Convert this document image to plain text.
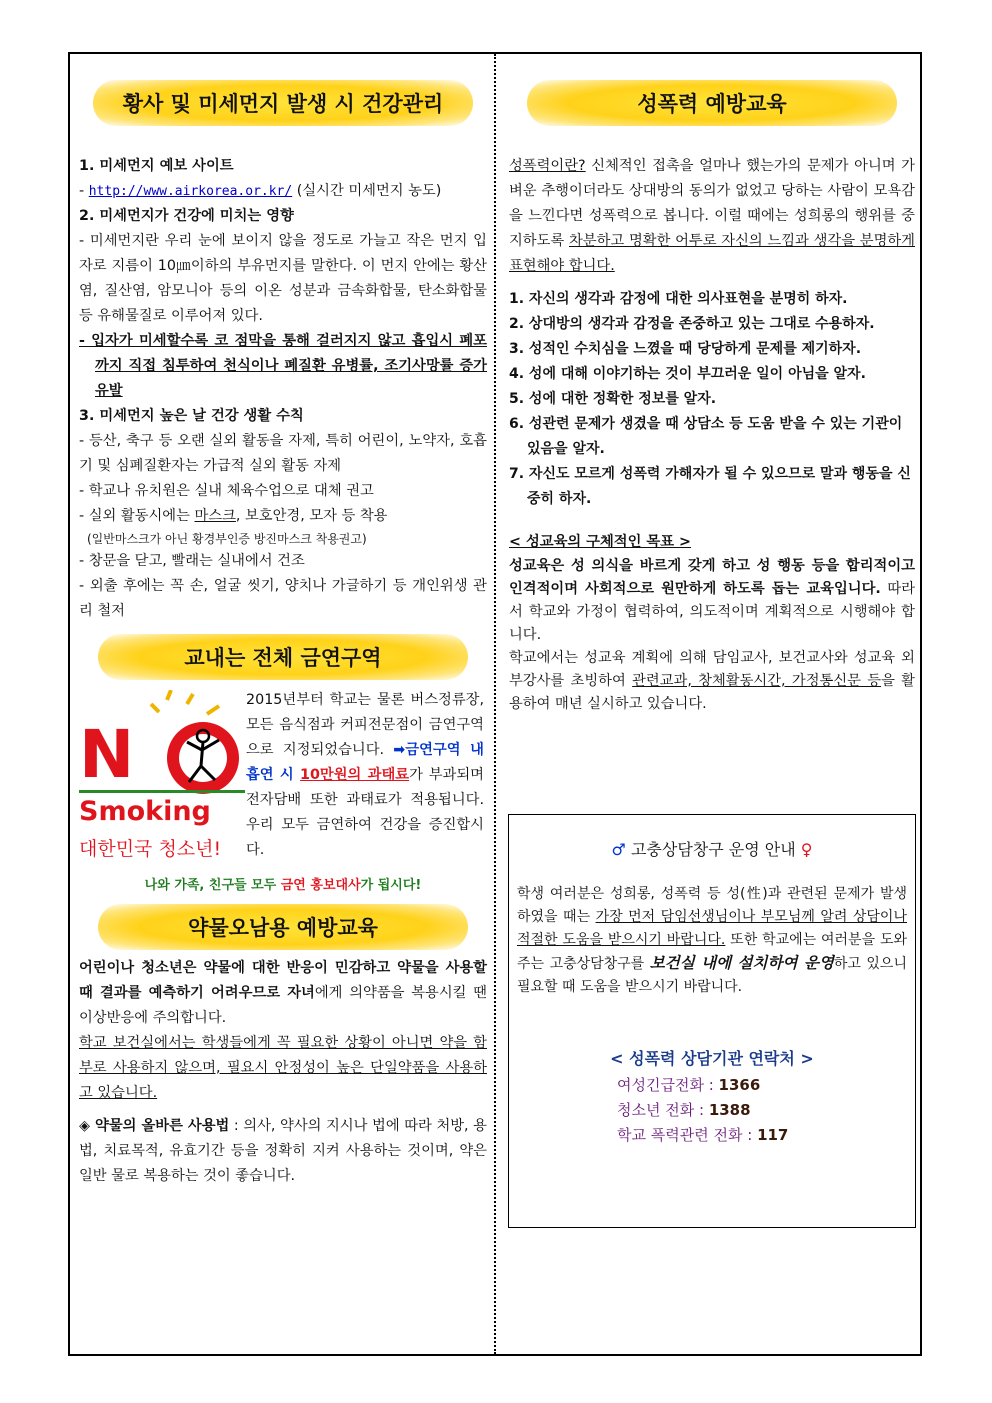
황사 및 미세먼지 발생 시 건강관리

1. 미세먼지 예보 사이트

- http://www.airkorea.or.kr/ (실시간 미세먼지 농도)

2. 미세먼지가 건강에 미치는 영향

- 미세먼지란 우리 눈에 보이지 않을 정도로 가늘고 작은 먼지 입자로 지름이 10㎛이하의 부유먼지를 말한다. 이 먼지 안에는 황산염, 질산염, 암모니아 등의 이온 성분과 금속화합물, 탄소화합물 등 유해물질로 이루어져 있다.

- 입자가 미세할수록 코 점막을 통해 걸러지지 않고 흡입시 폐포까지 직접 침투하여 천식이나 폐질환 유병률, 조기사망률 증가 유발

3. 미세먼지 높은 날 건강 생활 수칙

- 등산, 축구 등 오랜 실외 활동을 자제, 특히 어린이, 노약자, 호흡기 및 심폐질환자는 가급적 실외 활동 자제

- 학교나 유치원은 실내 체육수업으로 대체 권고

- 실외 활동시에는 마스크, 보호안경, 모자 등 착용

(일반마스크가 아닌 황경부인증 방진마스크 착용권고)

- 창문을 닫고, 빨래는 실내에서 건조

- 외출 후에는 꼭 손, 얼굴 씻기, 양치나 가글하기 등 개인위생 관리 철저

교내는 전체 금연구역
N
Smoking
대한민국 청소년!

2015년부터 학교는 물론 버스정류장, 모든 음식점과 커피전문점이 금연구역으로 지정되었습니다. ➡금연구역 내 흡연 시 10만원의 과태료가 부과되며 전자담배 또한 과태료가 적용됩니다. 우리 모두 금연하여 건강을 증진합시다.

나와 가족, 친구들 모두 금연 홍보대사가 됩시다!

약물오남용 예방교육

어린이나 청소년은 약물에 대한 반응이 민감하고 약물을 사용할 때 결과를 예측하기 어려우므로 자녀에게 의약품을 복용시킬 땐 이상반응에 주의합니다.

학교 보건실에서는 학생들에게 꼭 필요한 상황이 아니면 약을 함부로 사용하지 않으며, 필요시 안정성이 높은 단일약품을 사용하고 있습니다.

◈ 약물의 올바른 사용법 : 의사, 약사의 지시나 법에 따라 처방, 용법, 치료목적, 유효기간 등을 정확히 지켜 사용하는 것이며, 약은 일반 물로 복용하는 것이 좋습니다.

성폭력 예방교육

성폭력이란? 신체적인 접촉을 얼마나 했는가의 문제가 아니며 가벼운 추행이더라도 상대방의 동의가 없었고 당하는 사람이 모욕감을 느낀다면 성폭력으로 봅니다. 이럴 때에는 성희롱의 행위를 중지하도록 차분하고 명확한 어투로 자신의 느낌과 생각을 분명하게 표현해야 합니다.

1. 자신의 생각과 감정에 대한 의사표현을 분명히 하자.
2. 상대방의 생각과 감정을 존중하고 있는 그대로 수용하자.
3. 성적인 수치심을 느꼈을 때 당당하게 문제를 제기하자.
4. 성에 대해 이야기하는 것이 부끄러운 일이 아님을 알자.
5. 성에 대한 정확한 정보를 알자.
6. 성관련 문제가 생겼을 때 상담소 등 도움 받을 수 있는 기관이 있음을 알자.
7. 자신도 모르게 성폭력 가해자가 될 수 있으므로 말과 행동을 신중히 하자.

< 성교육의 구체적인 목표 >

성교육은 성 의식을 바르게 갖게 하고 성 행동 등을 합리적이고 인격적이며 사회적으로 원만하게 하도록 돕는 교육입니다. 따라서 학교와 가정이 협력하여, 의도적이며 계획적으로 시행해야 합니다.

학교에서는 성교육 계획에 의해 담임교사, 보건교사와 성교육 외부강사를 초빙하여 관련교과, 창체활동시간, 가정통신문 등을 활용하여 매년 실시하고 있습니다.

♂ 고충상담창구 운영 안내 ♀

학생 여러분은 성희롱, 성폭력 등 성(性)과 관련된 문제가 발생 하였을 때는 가장 먼저 담임선생님이나 부모님께 알려 상담이나 적절한 도움을 받으시기 바랍니다. 또한 학교에는 여러분을 도와주는 고충상담창구를 보건실 내에 설치하여 운영하고 있으니 필요할 때 도움을 받으시기 바랍니다.

< 성폭력 상담기관 연락처 >

여성긴급전화 : 1366

청소년 전화 : 1388

학교 폭력관련 전화 : 117
